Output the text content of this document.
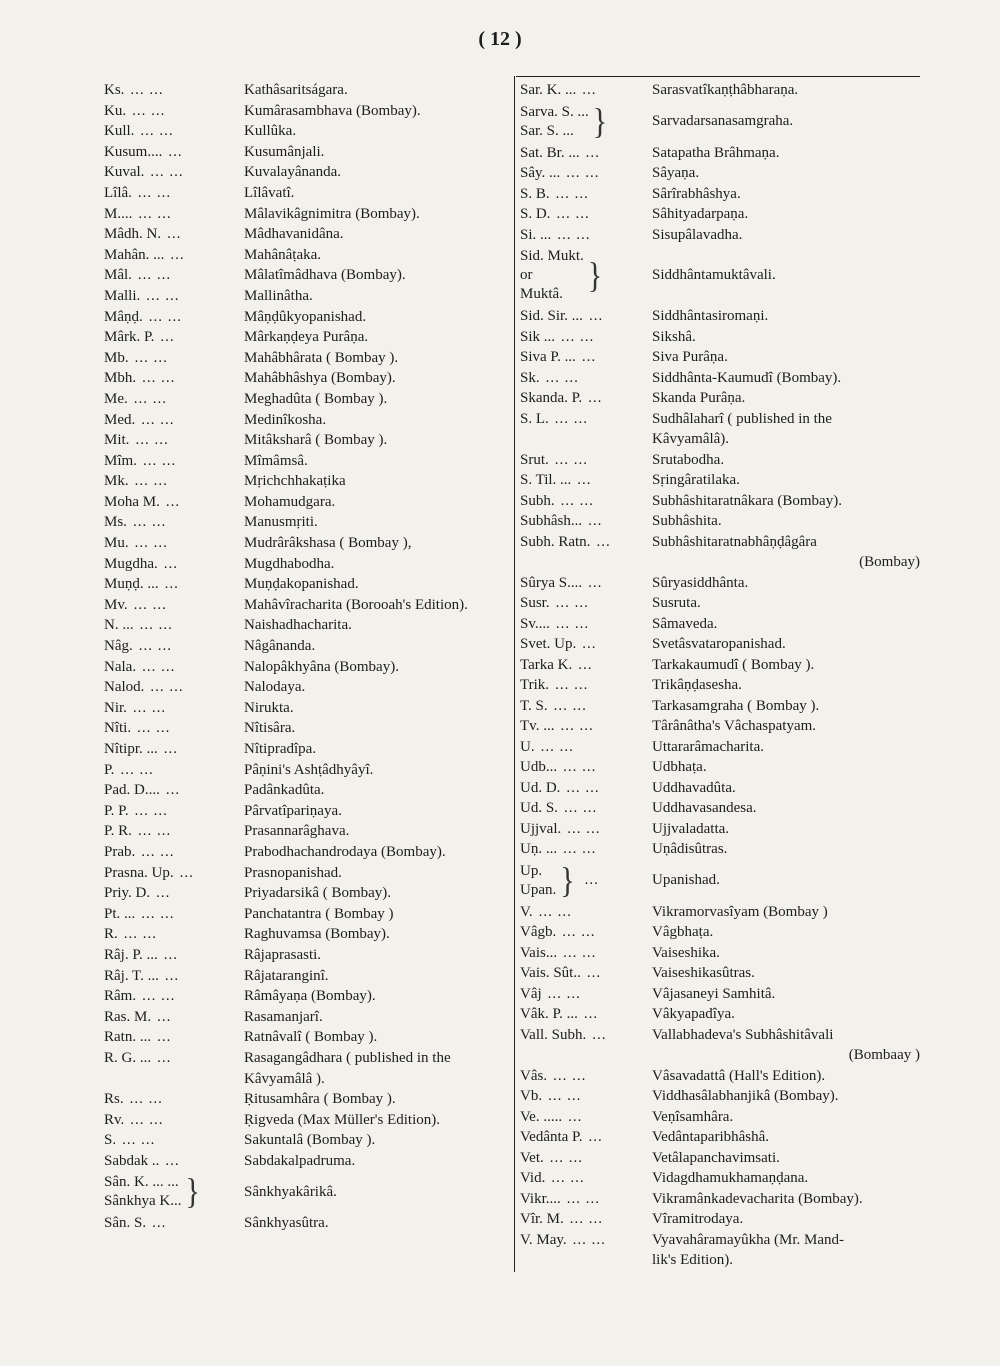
( 12 )
Ks. ... ...	Kathâsaritságara.
Ku. ... ...	Kumârasambhava (Bombay).
Kull. ... ...	Kullûka.
Kusum.... ...	Kusumânjali.
Kuval. ... ...	Kuvalayânanda.
Lîlâ. ... ...	Lîlâvatî.
M.... ... ...	Mâlavikâgnimitra (Bombay).
Mâdh. N. ...	Mâdhavanidâna.
Mahân. ... ...	Mahânâṭaka.
Mâl. ... ...	Mâlatîmâdhava (Bombay).
Malli. ... ...	Mallinâtha.
Mâṇḍ. ... ...	Mâṇḍûkyopanishad.
Mârk. P. ...	Mârkaṇḍeya Purâṇa.
Mb. ... ...	Mahâbhârata ( Bombay ).
Mbh. ... ...	Mahâbhâshya (Bombay).
Me. ... ...	Meghadûta ( Bombay ).
Med. ... ...	Medinîkosha.
Mit. ... ...	Mitâksharâ ( Bombay ).
Mîm. ... ...	Mîmâmsâ.
Mk. ... ...	Mṛichchhakaṭika
Moha M. ...	Mohamudgara.
Ms. ... ...	Manusmṛiti.
Mu. ... ...	Mudrârâkshasa ( Bombay ),
Mugdha. ...	Mugdhabodha.
Muṇḍ. ... ...	Muṇḍakopanishad.
Mv. ... ...	Mahâvîracharita (Borooah's Edition).
N. ... ... ...	Naishadhacharita.
Nâg. ... ...	Nâgânanda.
Nala. ... ...	Nalopâkhyâna (Bombay).
Nalod. ... ...	Nalodaya.
Nir. ... ...	Nirukta.
Nîti. ... ...	Nîtisâra.
Nîtipr. ... ...	Nîtipradîpa.
P. ... ...	Pâṇini's Ashṭâdhyâyî.
Pad. D.... ...	Padânkadûta.
P. P. ... ...	Pârvatîpariṇaya.
P. R. ... ...	Prasannarâghava.
Prab. ... ...	Prabodhachandrodaya (Bombay).
Prasna. Up. ...	Prasnopanishad.
Priy. D. ...	Priyadarsikâ ( Bombay).
Pt. ... ... ...	Panchatantra ( Bombay )
R. ... ...	Raghuvamsa (Bombay).
Râj. P. ... ...	Râjaprasasti.
Râj. T. ... ...	Râjataranginî.
Râm. ... ...	Râmâyaṇa (Bombay).
Ras. M. ...	Rasamanjarî.
Ratn. ... ...	Ratnâvalî ( Bombay ).
R. G. ... ...	Rasagangâdhara ( published in the
Kâvyamâlâ ).
Rs. ... ...	Ṛitusamhâra ( Bombay ).
Rv. ... ...	Ṛigveda (Max Müller's Edition).
S. ... ...	Sakuntalâ (Bombay ).
Sabdak .. ...	Sabdakalpadruma.
Sân. K. ... ...
Sânkhya K... }	Sânkhyakârikâ.
Sân. S. ...	Sânkhyasûtra.
Sar. K. ... ...	Sarasvatîkaṇṭhâbharaṇa.
Sarva. S. ...
Sar. S. ... }	Sarvadarsanasamgraha.
Sat. Br. ... ...	Satapatha Brâhmaṇa.
Sây. ... ... ...	Sâyaṇa.
S. B. ... ...	Sârîrabhâshya.
S. D. ... ...	Sâhityadarpaṇa.
Si. ... ... ...	Sisupâlavadha.
Sid. Mukt.
or
Muktâ. }	Siddhântamuktâvali.
Sid. Sir. ... ...	Siddhântasiromaṇi.
Sik ... ... ...	Sikshâ.
Siva P. ... ...	Siva Purâṇa.
Sk. ... ...	Siddhânta-Kaumudî (Bombay).
Skanda. P. ...	Skanda Purâṇa.
S. L. ... ...	Sudhâlaharî ( published in the
Kâvyamâlâ).
Srut. ... ...	Srutabodha.
S. Til. ... ...	Sṛingâratilaka.
Subh. ... ...	Subhâshitaratnâkara (Bombay).
Subhâsh... ...	Subhâshita.
Subh. Ratn. ...	Subhâshitaratnabhâṇḍâgâra
(Bombay)
Sûrya S.... ...	Sûryasiddhânta.
Susr. ... ...	Susruta.
Sv.... ... ...	Sâmaveda.
Svet. Up. ...	Svetâsvataropanishad.
Tarka K. ...	Tarkakaumudî ( Bombay ).
Trik. ... ...	Trikâṇḍasesha.
T. S. ... ...	Tarkasamgraha ( Bombay ).
Tv. ... ... ...	Târânâtha's Vâchaspatyam.
U. ... ...	Uttararâmacharita.
Udb... ... ...	Udbhaṭa.
Ud. D. ... ...	Uddhavadûta.
Ud. S. ... ...	Uddhavasandesa.
Ujjval. ... ...	Ujjvaladatta.
Uṇ. ... ... ...	Uṇâdisûtras.
Up.
Upan. } ...	Upanishad.
V. ... ...	Vikramorvasîyam (Bombay )
Vâgb. ... ...	Vâgbhaṭa.
Vais... ... ...	Vaiseshika.
Vais. Sût.. ...	Vaiseshikasûtras.
Vâj ... ...	Vâjasaneyi Samhitâ.
Vâk. P. ... ...	Vâkyapadîya.
Vall. Subh. ...	Vallabhadeva's Subhâshitâvali
(Bombaay )
Vâs. ... ...	Vâsavadattâ (Hall's Edition).
Vb. ... ...	Viddhasâlabhanjikâ (Bombay).
Ve. ..... ...	Veṇîsamhâra.
Vedânta P. ...	Vedântaparibhâshâ.
Vet. ... ...	Vetâlapanchavimsati.
Vid. ... ...	Vidagdhamukhamaṇḍana.
Vikr.... ... ...	Vikramânkadevacharita (Bombay).
Vîr. M. ... ...	Vîramitrodaya.
V. May. ... ...	Vyavahâramayûkha (Mr. Mand-
lik's Edition).
